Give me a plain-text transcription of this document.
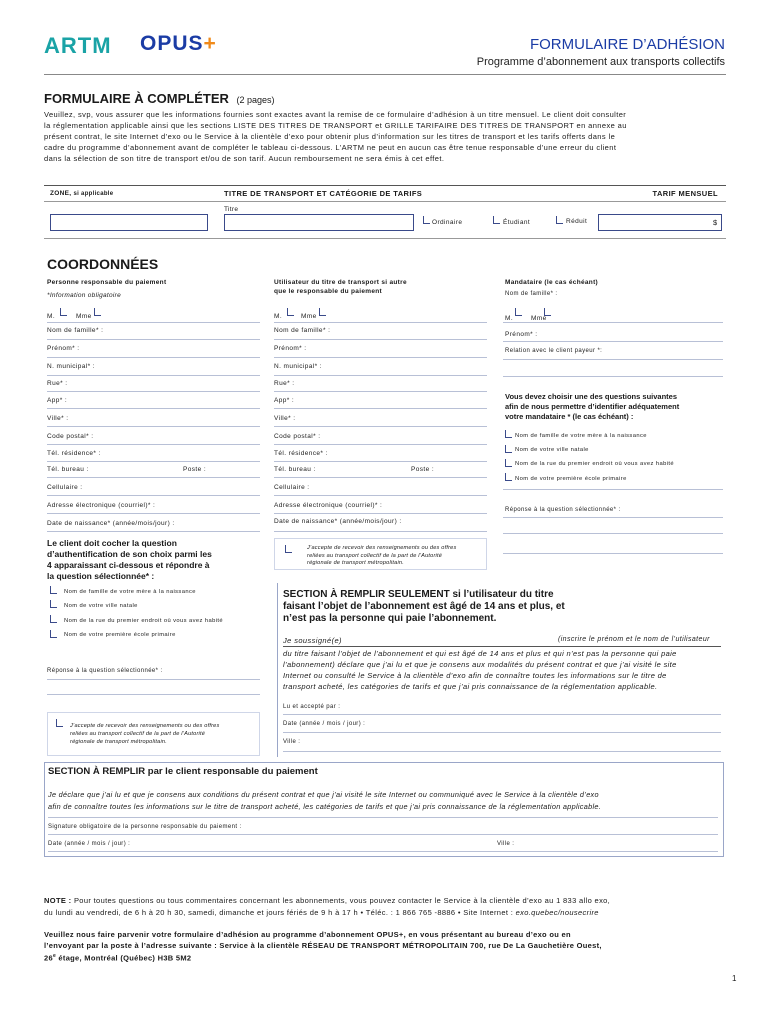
ARTM OPUS+	FORMULAIRE D’ADHÉSION
Programme d’abonnement aux transports collectifs
FORMULAIRE À COMPLÉTER (2 pages)
Veuillez, svp, vous assurer que les informations fournies sont exactes avant la remise de ce formulaire d’adhésion à un titre mensuel. Le client doit consulter
la réglementation applicable ainsi que les sections LISTE DES TITRES DE TRANSPORT et GRILLE TARIFAIRE DES TITRES DE TRANSPORT en annexe au
présent contrat, le site Internet d’exo ou le Service à la clientèle d’exo pour obtenir plus d’information sur les titres de transport et les tarifs offerts dans le
cadre du programme d’abonnement avant de compléter le tableau ci-dessous. L’ARTM ne peut en aucun cas être tenue responsable d’une erreur du client
dans la sélection de son titre de transport et/ou de son tarif. Aucun remboursement ne sera émis à cet effet.
ZONE, si applicable	TITRE DE TRANSPORT ET CATÉGORIE DE TARIFS	TARIF MENSUEL
Titre
Ordinaire	Étudiant	Réduit	$
COORDONNÉES
Personne responsable du paiement
*Information obligatoire
Utilisateur du titre de transport si autre
que le responsable du paiement
Mandataire (le cas échéant)
Nom de famille* :
M.	Mme	M.	Mme	M.	Mme
Nom de famille* :
Prénom* :
N. municipal* :
Rue* :
App* :
Ville* :
Code postal* :
Tél. résidence* :
Tél. bureau :	Poste :
Cellulaire :
Adresse électronique (courriel)* :
Date de naissance* (année/mois/jour) :
Nom de famille* :
Prénom* :
N. municipal* :
Rue* :
App* :
Ville* :
Code postal* :
Tél. résidence* :
Tél. bureau :	Poste :
Cellulaire :
Adresse électronique (courriel)* :
Date de naissance* (année/mois/jour) :
Prénom* :
Relation avec le client payeur *:
Vous devez choisir une des questions suivantes
afin de nous permettre d’identifier adéquatement
votre mandataire * (le cas échéant) :
Nom de famille de votre mère à la naissance
Nom de votre ville natale
Nom de la rue du premier endroit où vous avez habité
Nom de votre première école primaire
Réponse à la question sélectionnée* :
Le client doit cocher la question
d’authentification de son choix parmi les
4 apparaissant ci-dessous et répondre à
la question sélectionnée* :
Nom de famille de votre mère à la naissance
Nom de votre ville natale
Nom de la rue du premier endroit où vous avez habité
Nom de votre première école primaire
Réponse à la question sélectionnée* :
J’accepte de recevoir des renseignements ou des offres
reliées au transport collectif de la part de l’Autorité
régionale de transport métropolitain.
J’accepte de recevoir des renseignements ou des offres
reliées au transport collectif de la part de l’Autorité
régionale de transport métropolitain.
SECTION À REMPLIR SEULEMENT si l’utilisateur du titre
faisant l’objet de l’abonnement est âgé de 14 ans et plus, et
n’est pas la personne qui paie l’abonnement.
Je soussigné(e)	(inscrire le prénom et le nom de l’utilisateur
du titre faisant l’objet de l’abonnement et qui est âgé de 14 ans et plus et qui n’est pas la personne qui paie
l’abonnement) déclare que j’ai lu et que je consens aux modalités du présent contrat et que j’ai visité le site
Internet ou consulté le Service à la clientèle d’exo afin de connaître toutes les informations sur le titre de
transport acheté, les catégories de tarifs et que j’ai pris connaissance de la réglementation applicable.
Lu et accepté par :
Date (année / mois / jour) :
Ville :
SECTION À REMPLIR par le client responsable du paiement
Je déclare que j’ai lu et que je consens aux conditions du présent contrat et que j’ai visité le site Internet ou communiqué avec le Service à la clientèle d’exo
afin de connaître toutes les informations sur le titre de transport acheté, les catégories de tarifs et que j’ai pris connaissance de la réglementation applicable.
Signature obligatoire de la personne responsable du paiement :
Date (année / mois / jour) :	Ville :
NOTE : Pour toutes questions ou tous commentaires concernant les abonnements, vous pouvez contacter le Service à la clientèle d’exo au 1 833 allo exo,
du lundi au vendredi, de 6 h à 20 h 30, samedi, dimanche et jours fériés de 9 h à 17 h • Téléc. : 1 866 765 -8886 • Site Internet : exo.quebec/nousecrire
Veuillez nous faire parvenir votre formulaire d’adhésion au programme d’abonnement OPUS+, en vous présentant au bureau d’exo ou en
l’envoyant par la poste à l’adresse suivante : Service à la clientèle RÉSEAU DE TRANSPORT MÉTROPOLITAIN 700, rue De La Gauchetière Ouest,
26e étage, Montréal (Québec) H3B 5M2
1
